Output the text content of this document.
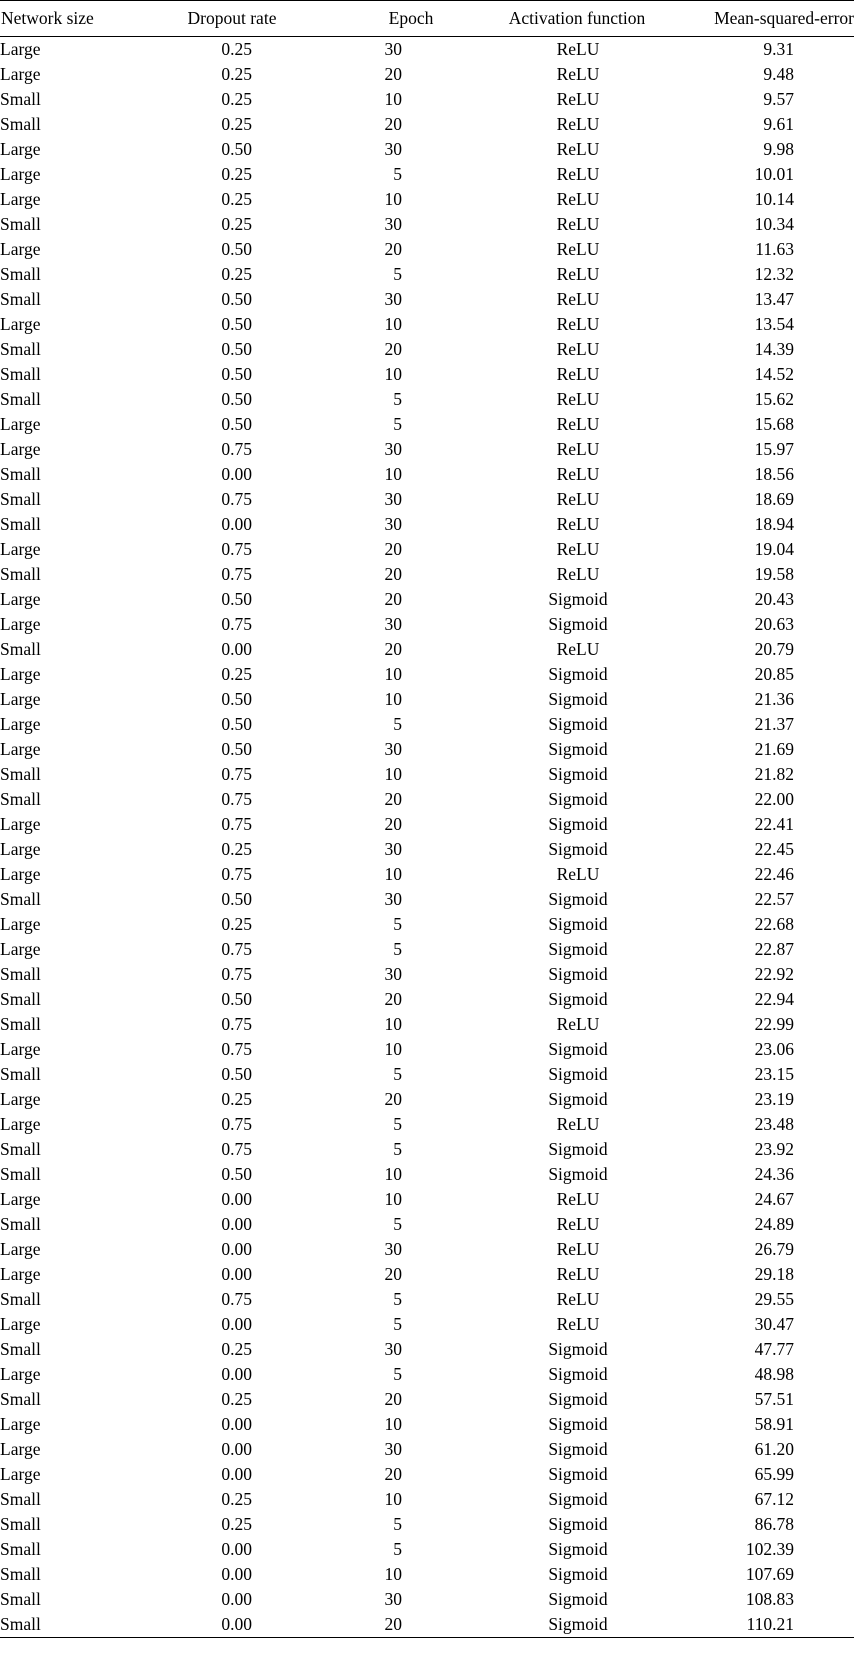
Network size	Dropout rate	Epoch	Activation function	Mean-squared-error
Large	0.25	30	ReLU	9.31
Large	0.25	20	ReLU	9.48
Small	0.25	10	ReLU	9.57
Small	0.25	20	ReLU	9.61
Large	0.50	30	ReLU	9.98
Large	0.25	5	ReLU	10.01
Large	0.25	10	ReLU	10.14
Small	0.25	30	ReLU	10.34
Large	0.50	20	ReLU	11.63
Small	0.25	5	ReLU	12.32
Small	0.50	30	ReLU	13.47
Large	0.50	10	ReLU	13.54
Small	0.50	20	ReLU	14.39
Small	0.50	10	ReLU	14.52
Small	0.50	5	ReLU	15.62
Large	0.50	5	ReLU	15.68
Large	0.75	30	ReLU	15.97
Small	0.00	10	ReLU	18.56
Small	0.75	30	ReLU	18.69
Small	0.00	30	ReLU	18.94
Large	0.75	20	ReLU	19.04
Small	0.75	20	ReLU	19.58
Large	0.50	20	Sigmoid	20.43
Large	0.75	30	Sigmoid	20.63
Small	0.00	20	ReLU	20.79
Large	0.25	10	Sigmoid	20.85
Large	0.50	10	Sigmoid	21.36
Large	0.50	5	Sigmoid	21.37
Large	0.50	30	Sigmoid	21.69
Small	0.75	10	Sigmoid	21.82
Small	0.75	20	Sigmoid	22.00
Large	0.75	20	Sigmoid	22.41
Large	0.25	30	Sigmoid	22.45
Large	0.75	10	ReLU	22.46
Small	0.50	30	Sigmoid	22.57
Large	0.25	5	Sigmoid	22.68
Large	0.75	5	Sigmoid	22.87
Small	0.75	30	Sigmoid	22.92
Small	0.50	20	Sigmoid	22.94
Small	0.75	10	ReLU	22.99
Large	0.75	10	Sigmoid	23.06
Small	0.50	5	Sigmoid	23.15
Large	0.25	20	Sigmoid	23.19
Large	0.75	5	ReLU	23.48
Small	0.75	5	Sigmoid	23.92
Small	0.50	10	Sigmoid	24.36
Large	0.00	10	ReLU	24.67
Small	0.00	5	ReLU	24.89
Large	0.00	30	ReLU	26.79
Large	0.00	20	ReLU	29.18
Small	0.75	5	ReLU	29.55
Large	0.00	5	ReLU	30.47
Small	0.25	30	Sigmoid	47.77
Large	0.00	5	Sigmoid	48.98
Small	0.25	20	Sigmoid	57.51
Large	0.00	10	Sigmoid	58.91
Large	0.00	30	Sigmoid	61.20
Large	0.00	20	Sigmoid	65.99
Small	0.25	10	Sigmoid	67.12
Small	0.25	5	Sigmoid	86.78
Small	0.00	5	Sigmoid	102.39
Small	0.00	10	Sigmoid	107.69
Small	0.00	30	Sigmoid	108.83
Small	0.00	20	Sigmoid	110.21
